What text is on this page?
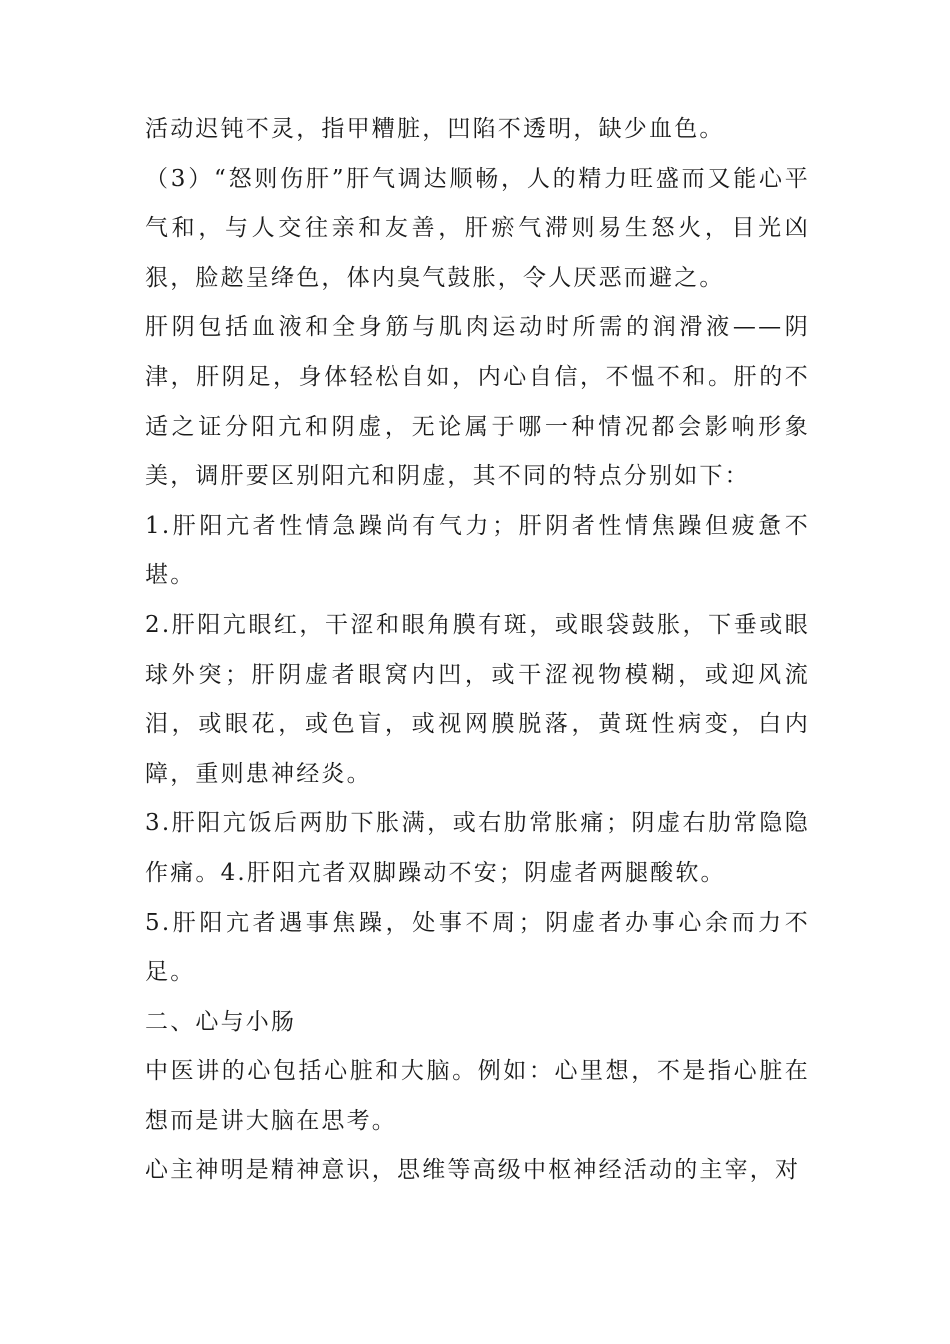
活动迟钝不灵，指甲糟脏，凹陷不透明，缺少血色。

（3）“怒则伤肝”肝气调达顺畅，人的精力旺盛而又能心平气和，与人交往亲和友善，肝瘀气滞则易生怒火，目光凶狠，脸趑呈绛色，体内臭气鼓胀，令人厌恶而避之。

肝阴包括血液和全身筋与肌肉运动时所需的润滑液——阴津，肝阴足，身体轻松自如，内心自信，不愠不和。肝的不适之证分阳亢和阴虚，无论属于哪一种情况都会影响形象美，调肝要区别阳亢和阴虚，其不同的特点分别如下：

1.肝阳亢者性情急躁尚有气力；肝阴者性情焦躁但疲惫不堪。

2.肝阳亢眼红，干涩和眼角膜有斑，或眼袋鼓胀，下垂或眼球外突；肝阴虚者眼窝内凹，或干涩视物模糊，或迎风流泪，或眼花，或色盲，或视网膜脱落，黄斑性病变，白内障，重则患神经炎。

3.肝阳亢饭后两肋下胀满，或右肋常胀痛；阴虚右肋常隐隐作痛。4.肝阳亢者双脚躁动不安；阴虚者两腿酸软。

5.肝阳亢者遇事焦躁，处事不周；阴虚者办事心余而力不足。

二、心与小肠

中医讲的心包括心脏和大脑。例如：心里想，不是指心脏在想而是讲大脑在思考。

心主神明是精神意识，思维等高级中枢神经活动的主宰，对
